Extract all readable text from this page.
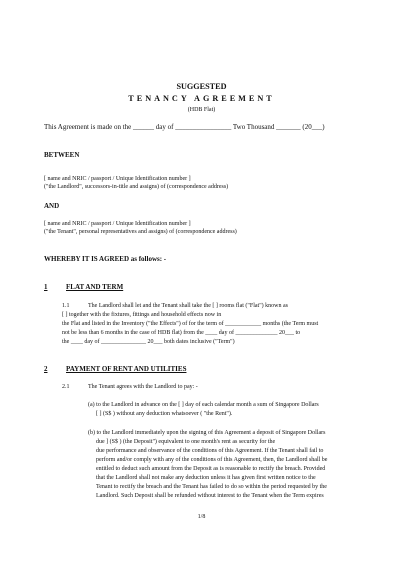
SUGGESTED
TENANCY AGREEMENT
(HDB Flat)
This Agreement is made on the ______ day of ________________ Two Thousand _______ (20___)
BETWEEN
[ name and NRIC / passport / Unique Identification number ]
("the Landlord", successors-in-title and assigns) of (correspondence address)
AND
[ name and NRIC / passport / Unique Identification number ]
("the Tenant", personal representatives and assigns) of (correspondence address)
WHEREBY IT IS AGREED as follows: -
1	FLAT AND TERM
1.1	The Landlord shall let and the Tenant shall take the [ ] rooms flat ("Flat") known as
[ ] together with the fixtures, fittings and household effects now in
the Flat and listed in the Inventory ("the Effects") of for the term of ____________ months (the Term must
not be less than 6 months in the case of HDB flat) from the ____ day of ______________ 20___ to
the ____ day of _______________ 20___ both dates inclusive ("Term")
2	PAYMENT OF RENT AND UTILITIES
2.1	The Tenant agrees with the Landlord to pay: -
(a) to the Landlord in advance on the [ ] day of each calendar month a sum of Singapore Dollars
[ ] (S$ ) without any deduction whatsoever ( "the Rent").
(b) to the Landlord immediately upon the signing of this Agreement a deposit of Singapore Dollars
due ] (S$ ) (the Deposit") equivalent to one month's rent as security for the
due performance and observance of the conditions of this Agreement. If the Tenant shall fail to
perform and/or comply with any of the conditions of this Agreement, then, the Landlord shall be
entitled to deduct such amount from the Deposit as is reasonable to rectify the breach. Provided
that the Landlord shall not make any deduction unless it has given first written notice to the
Tenant to rectify the breach and the Tenant has failed to do so within the period requested by the
Landlord. Such Deposit shall be refunded without interest to the Tenant when the Term expires
1/8
